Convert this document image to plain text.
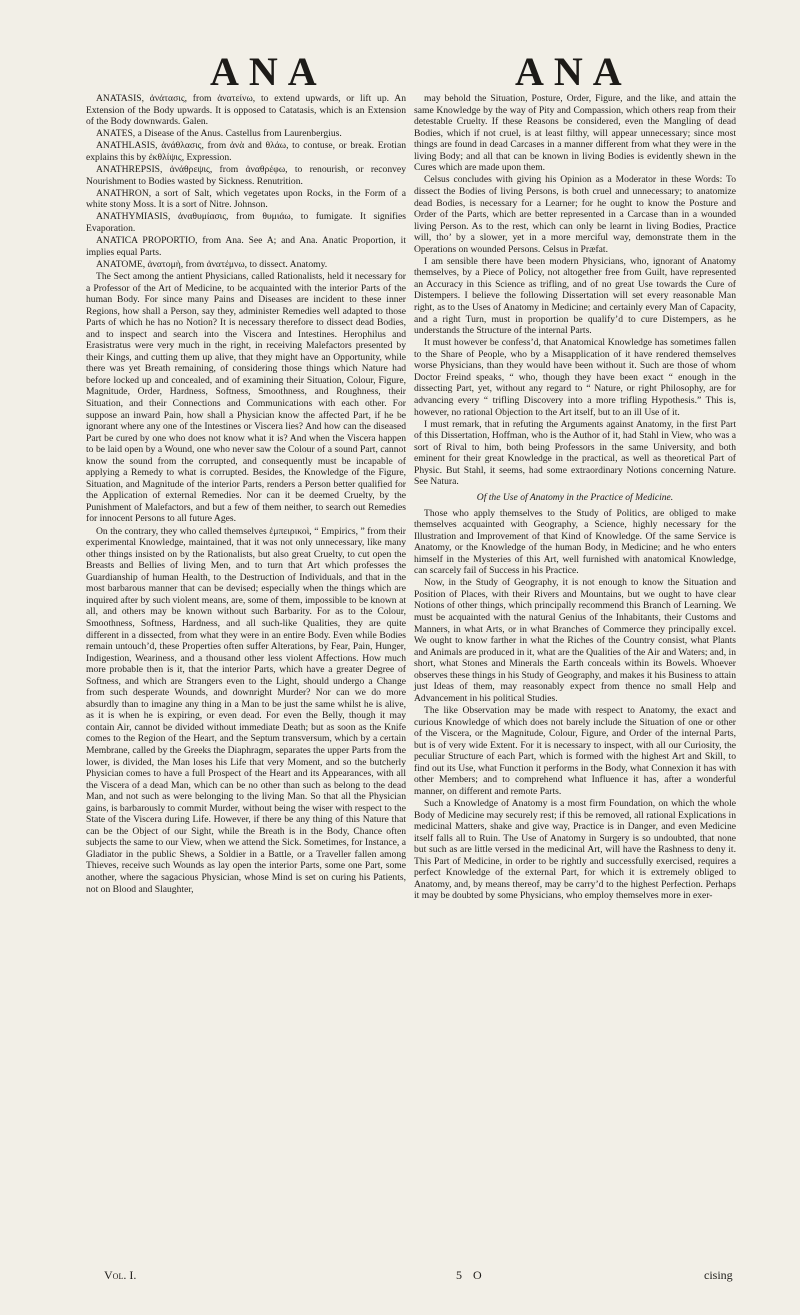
ANA	ANA

ANATASIS, ἀνάτασις, from ἀνατείνω, to extend upwards, or lift up. An Extension of the Body upwards. It is opposed to Catatasis, which is an Extension of the Body downwards. Galen.

ANATES, a Disease of the Anus. Castellus from Laurenbergius.

ANATHLASIS, ἀνάθλασις, from ἀνὰ and θλάω, to contuse, or break. Erotian explains this by ἐκθλίψις, Expression.

ANATHREPSIS, ἀνάθρεψις, from ἀναθρέφω, to renourish, or reconvey Nourishment to Bodies wasted by Sickness. Renutrition.

ANATHRON, a sort of Salt, which vegetates upon Rocks, in the Form of a white stony Moss. It is a sort of Nitre. Johnson.

ANATHYMIASIS, ἀναθυμίασις, from θυμιάω, to fumigate. It signifies Evaporation.

ANATICA PROPORTIO, from Ana. See A; and Ana. Anatic Proportion, it implies equal Parts.

ANATOME, ἀνατομὴ, from ἀνατέμνω, to dissect. Anatomy.

The Sect among the antient Physicians, called Rationalists, held it necessary for a Professor of the Art of Medicine, to be acquainted with the interior Parts of the human Body. For since many Pains and Diseases are incident to these inner Regions, how shall a Person, say they, administer Remedies well adapted to those Parts of which he has no Notion? It is necessary therefore to dissect dead Bodies, and to inspect and search into the Viscera and Intestines. Herophilus and Erasistratus were very much in the right, in receiving Malefactors presented by their Kings, and cutting them up alive, that they might have an Opportunity, while there was yet Breath remaining, of considering those things which Nature had before locked up and concealed, and of examining their Situation, Colour, Figure, Magnitude, Order, Hardness, Softness, Smoothness, and Roughness, their Situation, and their Connections and Communications with each other. For suppose an inward Pain, how shall a Physician know the affected Part, if he be ignorant where any one of the Intestines or Viscera lies? And how can the diseased Part be cured by one who does not know what it is? And when the Viscera happen to be laid open by a Wound, one who never saw the Colour of a sound Part, cannot know the sound from the corrupted, and consequently must be incapable of applying a Remedy to what is corrupted. Besides, the Knowledge of the Figure, Situation, and Magnitude of the interior Parts, renders a Person better qualified for the Application of external Remedies. Nor can it be deemed Cruelty, by the Punishment of Malefactors, and but a few of them neither, to search out Remedies for innocent Persons to all future Ages.

On the contrary, they who called themselves ἐμπειρικοὶ, “ Empirics, ” from their experimental Knowledge, maintained, that it was not only unnecessary, like many other things insisted on by the Rationalists, but also great Cruelty, to cut open the Breasts and Bellies of living Men, and to turn that Art which professes the Guardianship of human Health, to the Destruction of Individuals, and that in the most barbarous manner that can be devised; especially when the things which are inquired after by such violent means, are, some of them, impossible to be known at all, and others may be known without such Barbarity. For as to the Colour, Smoothness, Softness, Hardness, and all such-like Qualities, they are quite different in a dissected, from what they were in an entire Body. Even while Bodies remain untouch’d, these Properties often suffer Alterations, by Fear, Pain, Hunger, Indigestion, Weariness, and a thousand other less violent Affections. How much more probable then is it, that the interior Parts, which have a greater Degree of Softness, and which are Strangers even to the Light, should undergo a Change from such desperate Wounds, and downright Murder? Nor can we do more absurdly than to imagine any thing in a Man to be just the same whilst he is alive, as it is when he is expiring, or even dead. For even the Belly, though it may contain Air, cannot be divided without immediate Death; but as soon as the Knife comes to the Region of the Heart, and the Septum transversum, which by a certain Membrane, called by the Greeks the Diaphragm, separates the upper Parts from the lower, is divided, the Man loses his Life that very Moment, and so the butcherly Physician comes to have a full Prospect of the Heart and its Appearances, with all the Viscera of a dead Man, which can be no other than such as belong to the dead Man, and not such as were belonging to the living Man. So that all the Physician gains, is barbarously to commit Murder, without being the wiser with respect to the State of the Viscera during Life. However, if there be any thing of this Nature that can be the Object of our Sight, while the Breath is in the Body, Chance often subjects the same to our View, when we attend the Sick. Sometimes, for Instance, a Gladiator in the public Shews, a Soldier in a Battle, or a Traveller fallen among Thieves, receive such Wounds as lay open the interior Parts, some one Part, some another, where the sagacious Physician, whose Mind is set on curing his Patients, not on Blood and Slaughter,

may behold the Situation, Posture, Order, Figure, and the like, and attain the same Knowledge by the way of Pity and Compassion, which others reap from their detestable Cruelty. If these Reasons be considered, even the Mangling of dead Bodies, which if not cruel, is at least filthy, will appear unnecessary; since most things are found in dead Carcases in a manner different from what they were in the living Body; and all that can be known in living Bodies is evidently shewn in the Cures which are made upon them.

Celsus concludes with giving his Opinion as a Moderator in these Words: To dissect the Bodies of living Persons, is both cruel and unnecessary; to anatomize dead Bodies, is necessary for a Learner; for he ought to know the Posture and Order of the Parts, which are better represented in a Carcase than in a wounded living Person. As to the rest, which can only be learnt in living Bodies, Practice will, tho’ by a slower, yet in a more merciful way, demonstrate them in the Operations on wounded Persons. Celsus in Præfat.

I am sensible there have been modern Physicians, who, ignorant of Anatomy themselves, by a Piece of Policy, not altogether free from Guilt, have represented an Accuracy in this Science as trifling, and of no great Use towards the Cure of Distempers. I believe the following Dissertation will set every reasonable Man right, as to the Uses of Anatomy in Medicine; and certainly every Man of Capacity, and a right Turn, must in proportion be qualify’d to cure Distempers, as he understands the Structure of the internal Parts.

It must however be confess’d, that Anatomical Knowledge has sometimes fallen to the Share of People, who by a Misapplication of it have rendered themselves worse Physicians, than they would have been without it. Such are those of whom Doctor Freind speaks, “ who, though they have been exact “ enough in the dissecting Part, yet, without any regard to “ Nature, or right Philosophy, are for advancing every “ trifling Discovery into a more trifling Hypothesis.” This is, however, no rational Objection to the Art itself, but to an ill Use of it.

I must remark, that in refuting the Arguments against Anatomy, in the first Part of this Dissertation, Hoffman, who is the Author of it, had Stahl in View, who was a sort of Rival to him, both being Professors in the same University, and both eminent for their great Knowledge in the practical, as well as theoretical Part of Physic. But Stahl, it seems, had some extraordinary Notions concerning Nature. See Natura.

Of the Use of Anatomy in the Practice of Medicine.

Those who apply themselves to the Study of Politics, are obliged to make themselves acquainted with Geography, a Science, highly necessary for the Illustration and Improvement of that Kind of Knowledge. Of the same Service is Anatomy, or the Knowledge of the human Body, in Medicine; and he who enters himself in the Mysteries of this Art, well furnished with anatomical Knowledge, can scarcely fail of Success in his Practice.

Now, in the Study of Geography, it is not enough to know the Situation and Position of Places, with their Rivers and Mountains, but we ought to have clear Notions of other things, which principally recommend this Branch of Learning. We must be acquainted with the natural Genius of the Inhabitants, their Customs and Manners, in what Arts, or in what Branches of Commerce they principally excel. We ought to know farther in what the Riches of the Country consist, what Plants and Animals are produced in it, what are the Qualities of the Air and Waters; and, in short, what Stones and Minerals the Earth conceals within its Bowels. Whoever observes these things in his Study of Geography, and makes it his Business to attain just Ideas of them, may reasonably expect from thence no small Help and Advancement in his political Studies.

The like Observation may be made with respect to Anatomy, the exact and curious Knowledge of which does not barely include the Situation of one or other of the Viscera, or the Magnitude, Colour, Figure, and Order of the internal Parts, but is of very wide Extent. For it is necessary to inspect, with all our Curiosity, the peculiar Structure of each Part, which is formed with the highest Art and Skill, to find out its Use, what Function it performs in the Body, what Connexion it has with other Members; and to comprehend what Influence it has, after a wonderful manner, on different and remote Parts.

Such a Knowledge of Anatomy is a most firm Foundation, on which the whole Body of Medicine may securely rest; if this be removed, all rational Explications in medicinal Matters, shake and give way, Practice is in Danger, and even Medicine itself falls all to Ruin. The Use of Anatomy in Surgery is so undoubted, that none but such as are little versed in the medicinal Art, will have the Rashness to deny it. This Part of Medicine, in order to be rightly and successfully exercised, requires a perfect Knowledge of the external Part, for which it is extremely obliged to Anatomy, and, by means thereof, may be carry’d to the highest Perfection. Perhaps it may be doubted by some Physicians, who employ themselves more in exer-

Vol. I.	5 O	cising
